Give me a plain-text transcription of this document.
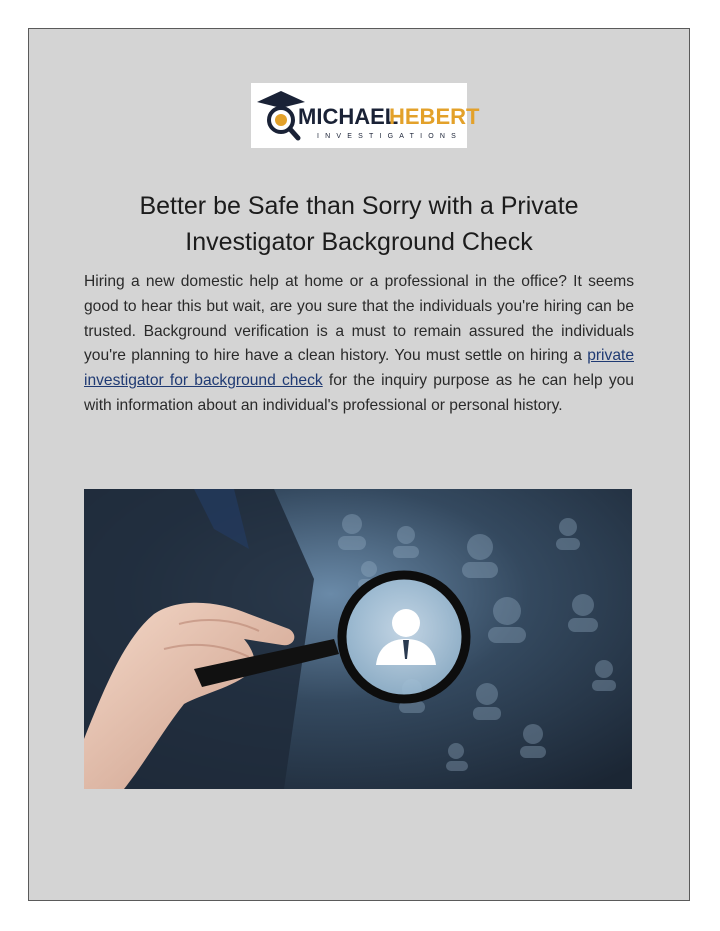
MICHAEL
HEBERT
INVESTIGATIONS
Better be Safe than Sorry with a Private
Investigator Background Check

Hiring a new domestic help at home or a professional in the office? It seems good to hear this but wait, are you sure that the individuals you're hiring can be trusted. Background verification is a must to remain assured the individuals you're planning to hire have a clean history. You must settle on hiring a private investigator for background check for the inquiry purpose as he can help you with information about an individual's professional or personal history.
